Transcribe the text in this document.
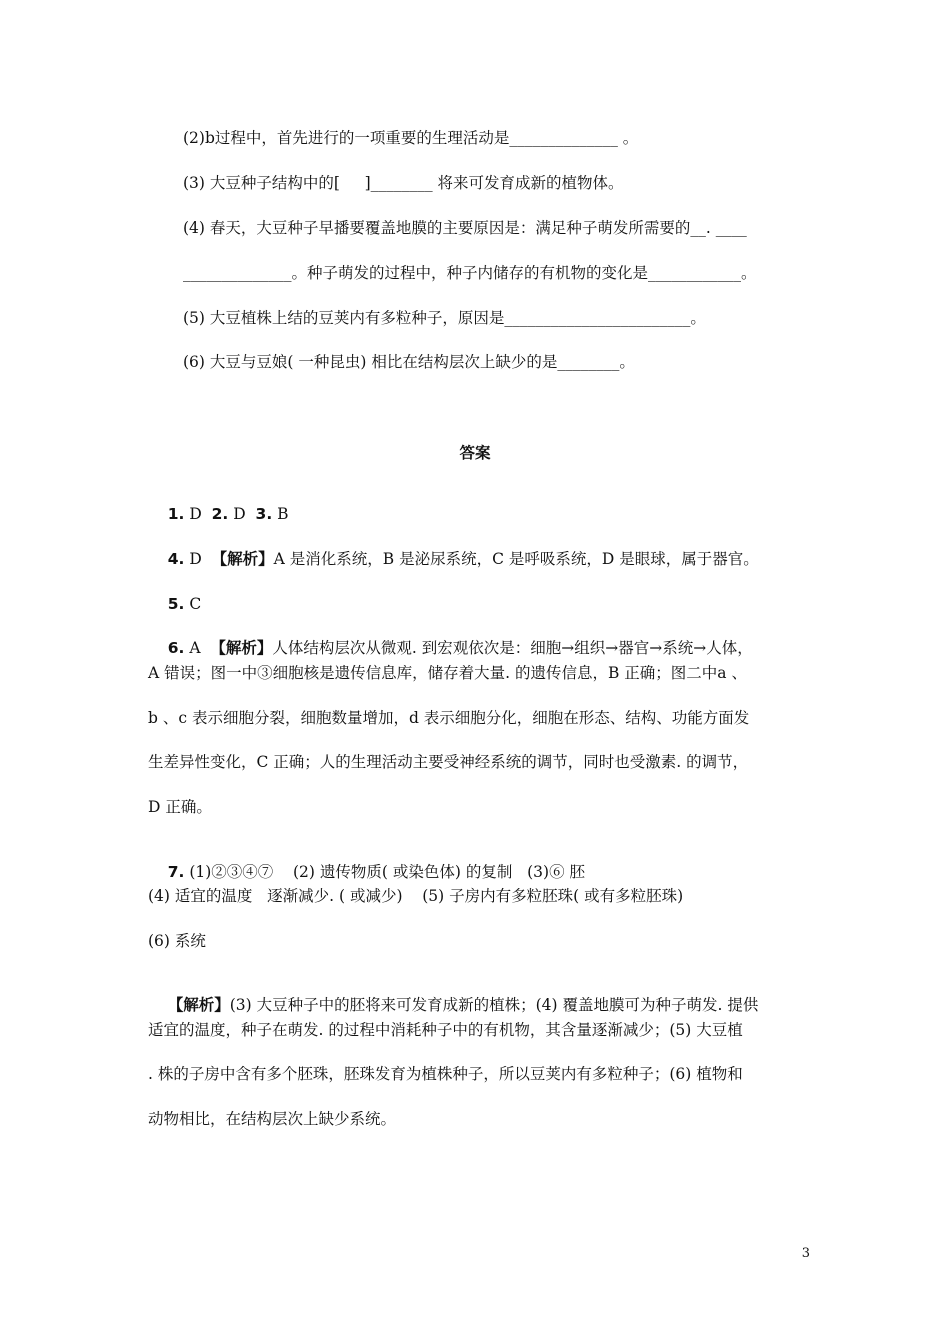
(2)b过程中，首先进行的一项重要的生理活动是______________ 。
(3) 大豆种子结构中的[     ]________ 将来可发育成新的植物体。
(4) 春天，大豆种子早播要覆盖地膜的主要原因是：满足种子萌发所需要的__. ____
______________。种子萌发的过程中，种子内储存的有机物的变化是____________。
(5) 大豆植株上结的豆荚内有多粒种子，原因是________________________。
(6) 大豆与豆娘( 一种昆虫) 相比在结构层次上缺少的是________。
答案

1. D  2. D  3. B

4. D  【解析】A 是消化系统，B 是泌尿系统，C 是呼吸系统，D 是眼球，属于器官。

5. C

6. A  【解析】人体结构层次从微观. 到宏观依次是：细胞→组织→器官→系统→人体，

A 错误；图一中③细胞核是遗传信息库，储存着大量. 的遗传信息，B 正确；图二中a 、
b 、c 表示细胞分裂，细胞数量增加，d 表示细胞分化，细胞在形态、结构、功能方面发
生差异性变化，C 正确；人的生理活动主要受神经系统的调节，同时也受激素. 的调节，
D 正确。

7. (1)②③④⑦    (2) 遗传物质( 或染色体) 的复制   (3)⑥ 胚

(4) 适宜的温度   逐渐减少. ( 或减少)    (5) 子房内有多粒胚珠( 或有多粒胚珠)
(6) 系统

【解析】(3) 大豆种子中的胚将来可发育成新的植株；(4) 覆盖地膜可为种子萌发. 提供

适宜的温度，种子在萌发. 的过程中消耗种子中的有机物，其含量逐渐减少；(5) 大豆植
. 株的子房中含有多个胚珠，胚珠发育为植株种子，所以豆荚内有多粒种子；(6) 植物和
动物相比，在结构层次上缺少系统。
3
